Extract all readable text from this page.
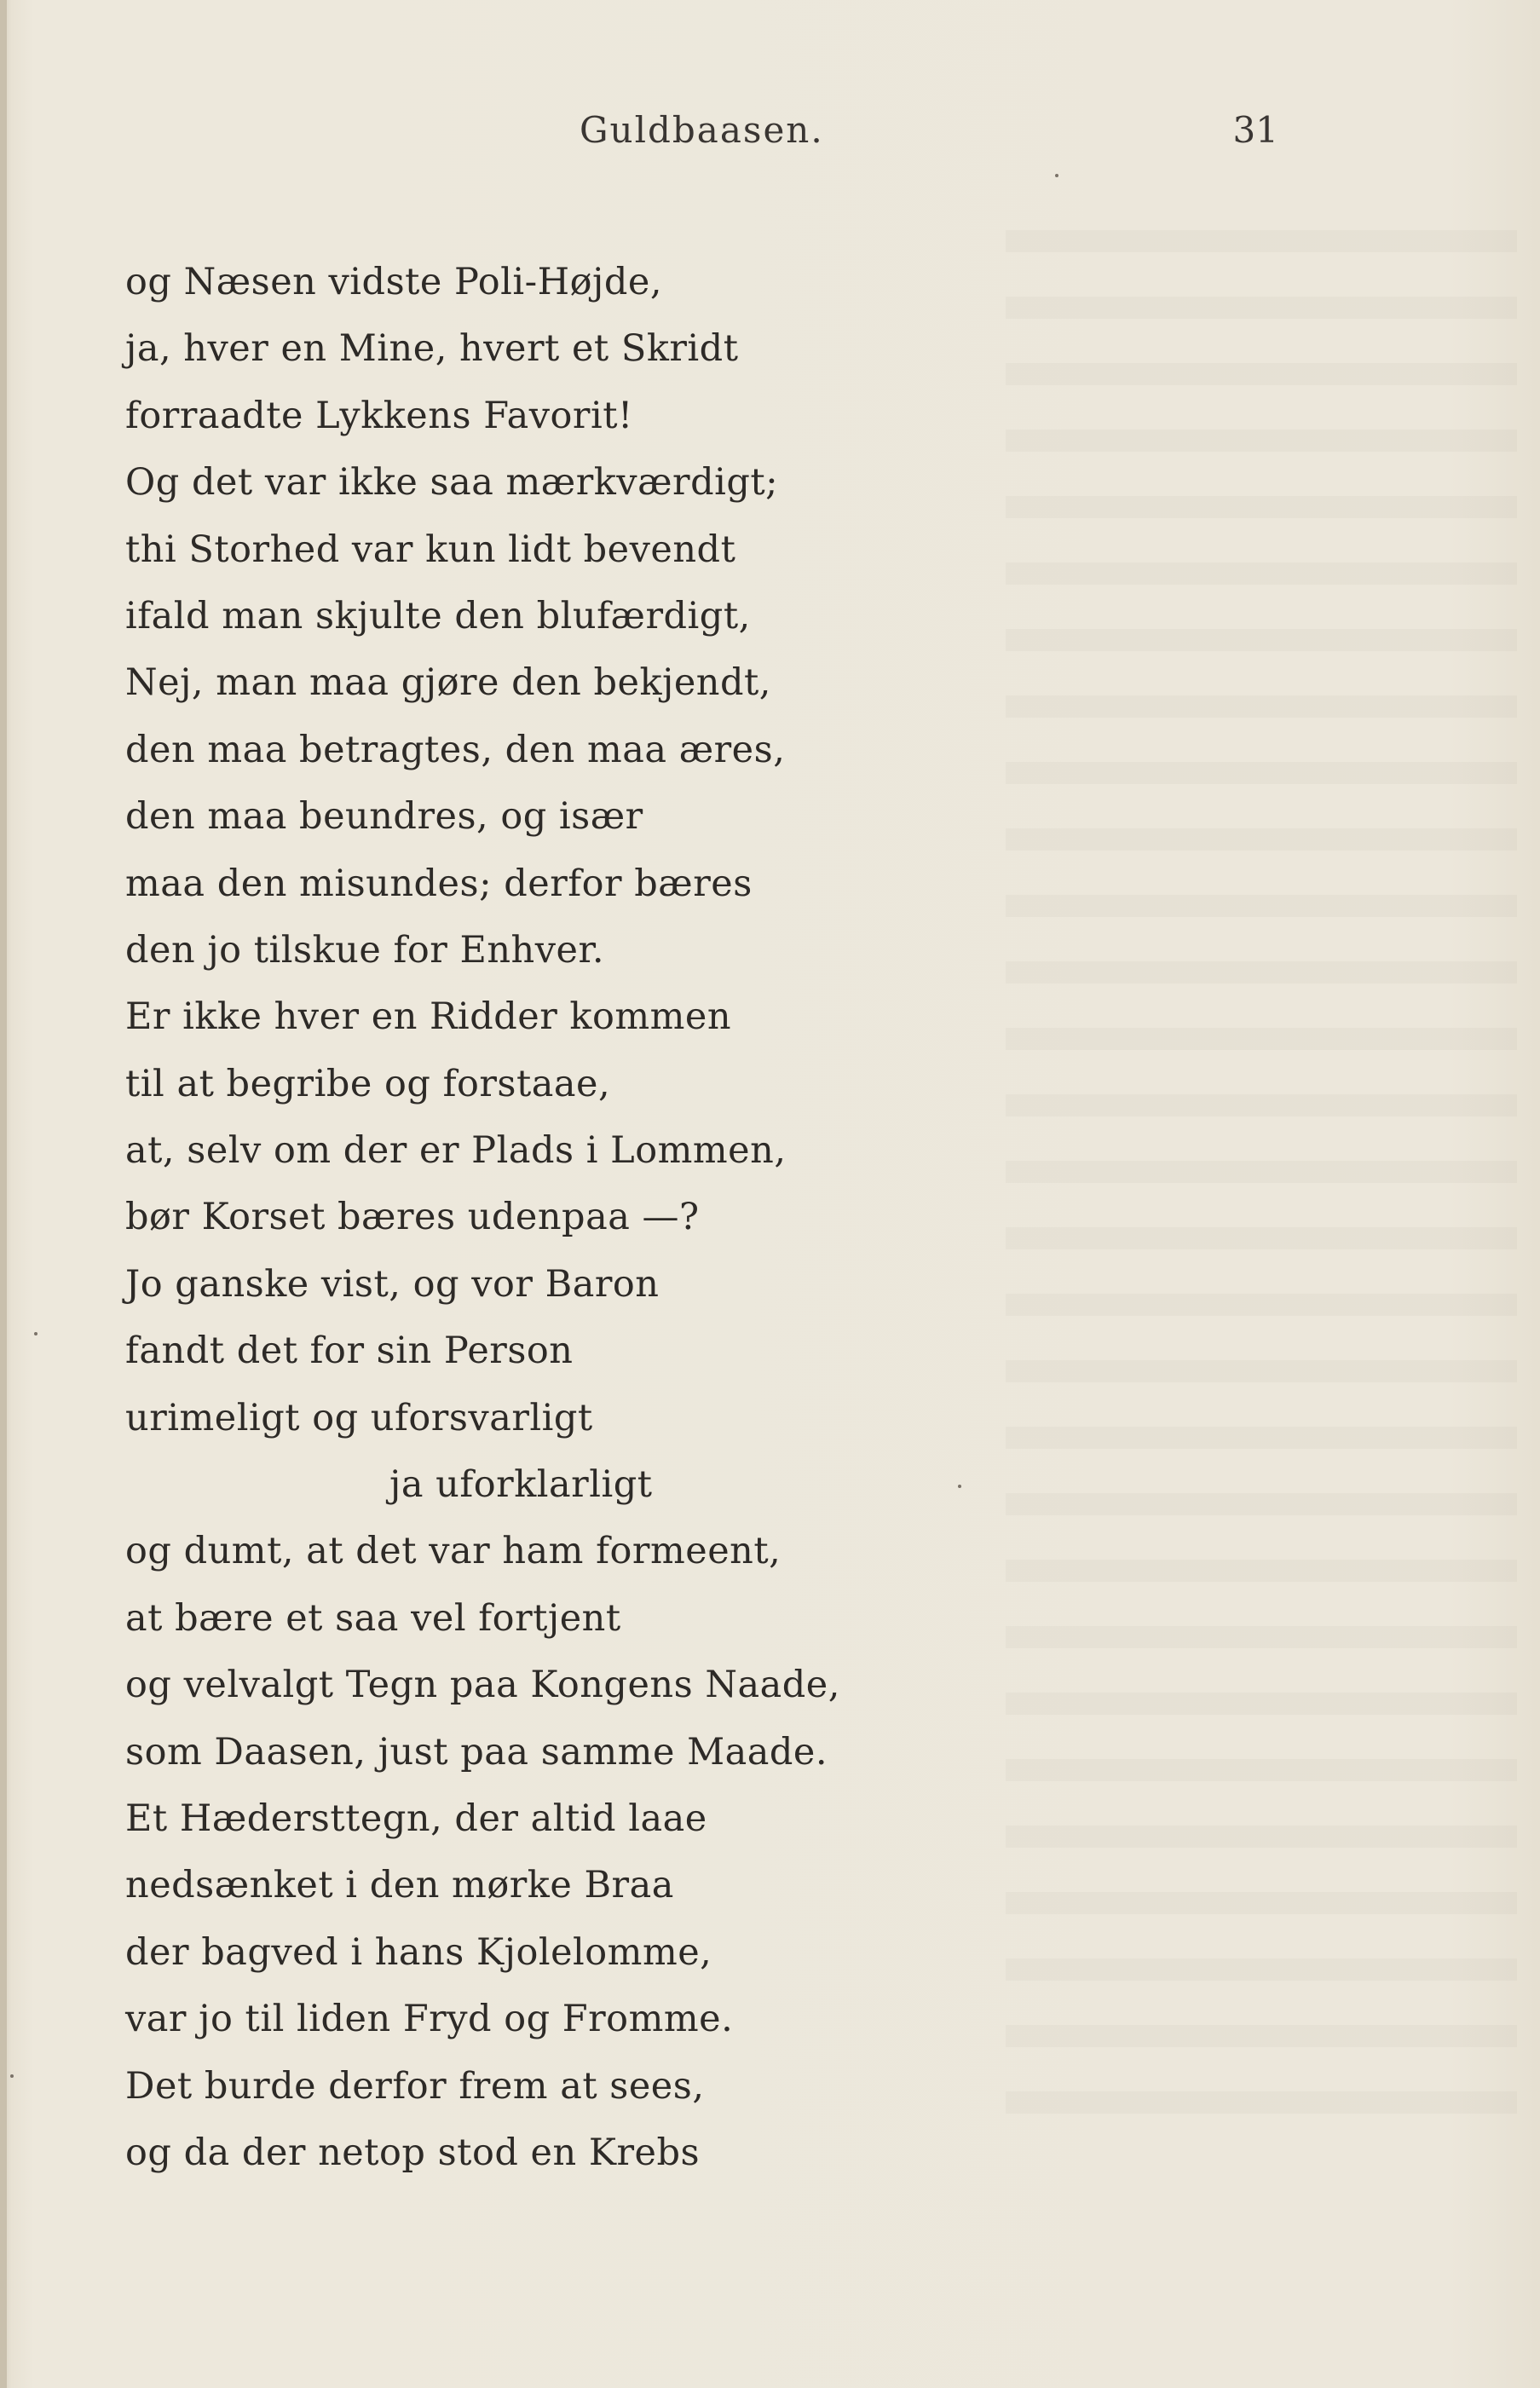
Guldbaasen.	31
og Næsen vidste Poli-Højde,
ja, hver en Mine, hvert et Skridt
forraadte Lykkens Favorit!
Og det var ikke saa mærkværdigt;
thi Storhed var kun lidt bevendt
ifald man skjulte den blufærdigt,
Nej, man maa gjøre den bekjendt,
den maa betragtes, den maa æres,
den maa beundres, og især
maa den misundes; derfor bæres
den jo tilskue for Enhver.
Er ikke hver en Ridder kommen
til at begribe og forstaae,
at, selv om der er Plads i Lommen,
bør Korset bæres udenpaa —?
Jo ganske vist, og vor Baron
fandt det for sin Person
urimeligt og uforsvarligt
ja uforklarligt
og dumt, at det var ham formeent,
at bære et saa vel fortjent
og velvalgt Tegn paa Kongens Naade,
som Daasen, just paa samme Maade.
Et Hædersttegn, der altid laae
nedsænket i den mørke Braa
der bagved i hans Kjolelomme,
var jo til liden Fryd og Fromme.
Det burde derfor frem at sees,
og da der netop stod en Krebs
